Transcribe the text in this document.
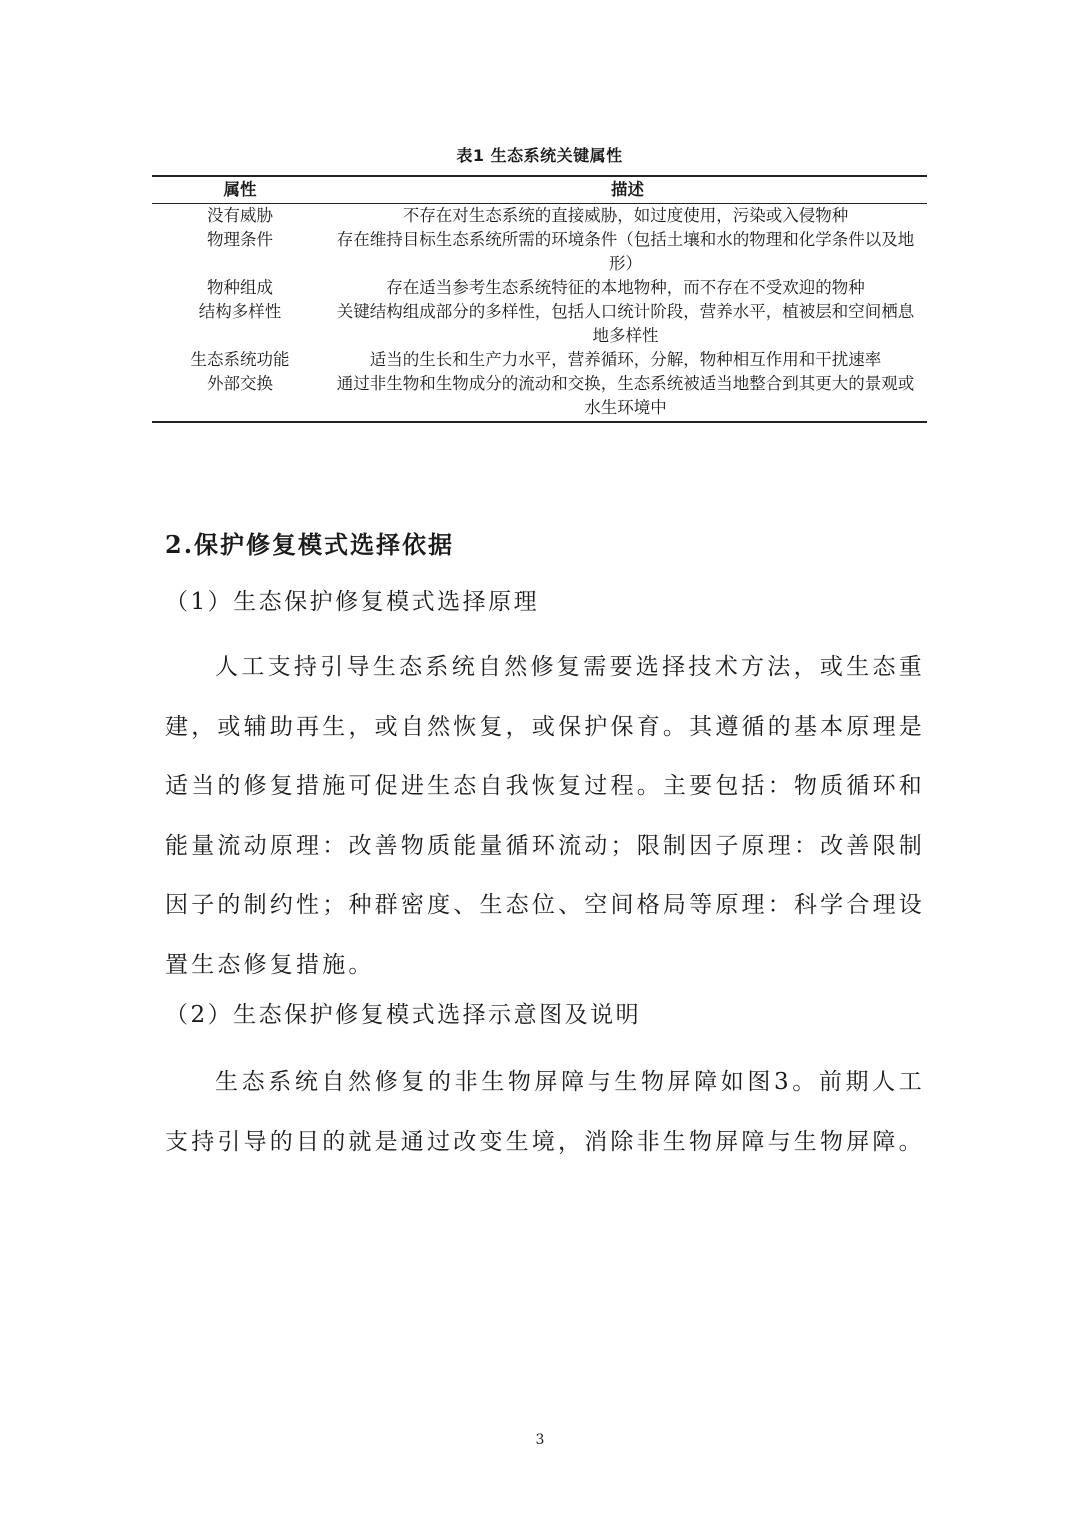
表1 生态系统关键属性
属性	描述
没有威胁	不存在对生态系统的直接威胁，如过度使用，污染或入侵物种
物理条件	存在维持目标生态系统所需的环境条件（包括土壤和水的物理和化学条件以及地形）
物种组成	存在适当参考生态系统特征的本地物种，而不存在不受欢迎的物种
结构多样性	关键结构组成部分的多样性，包括人口统计阶段，营养水平，植被层和空间栖息地多样性
生态系统功能	适当的生长和生产力水平，营养循环，分解，物种相互作用和干扰速率
外部交换	通过非生物和生物成分的流动和交换，生态系统被适当地整合到其更大的景观或水生环境中
2.保护修复模式选择依据
（1）生态保护修复模式选择原理
人工支持引导生态系统自然修复需要选择技术方法，或生态重建，或辅助再生，或自然恢复，或保护保育。其遵循的基本原理是适当的修复措施可促进生态自我恢复过程。主要包括：物质循环和能量流动原理：改善物质能量循环流动；限制因子原理：改善限制因子的制约性；种群密度、生态位、空间格局等原理：科学合理设置生态修复措施。
（2）生态保护修复模式选择示意图及说明
生态系统自然修复的非生物屏障与生物屏障如图3。前期人工支持引导的目的就是通过改变生境，消除非生物屏障与生物屏障。
3
